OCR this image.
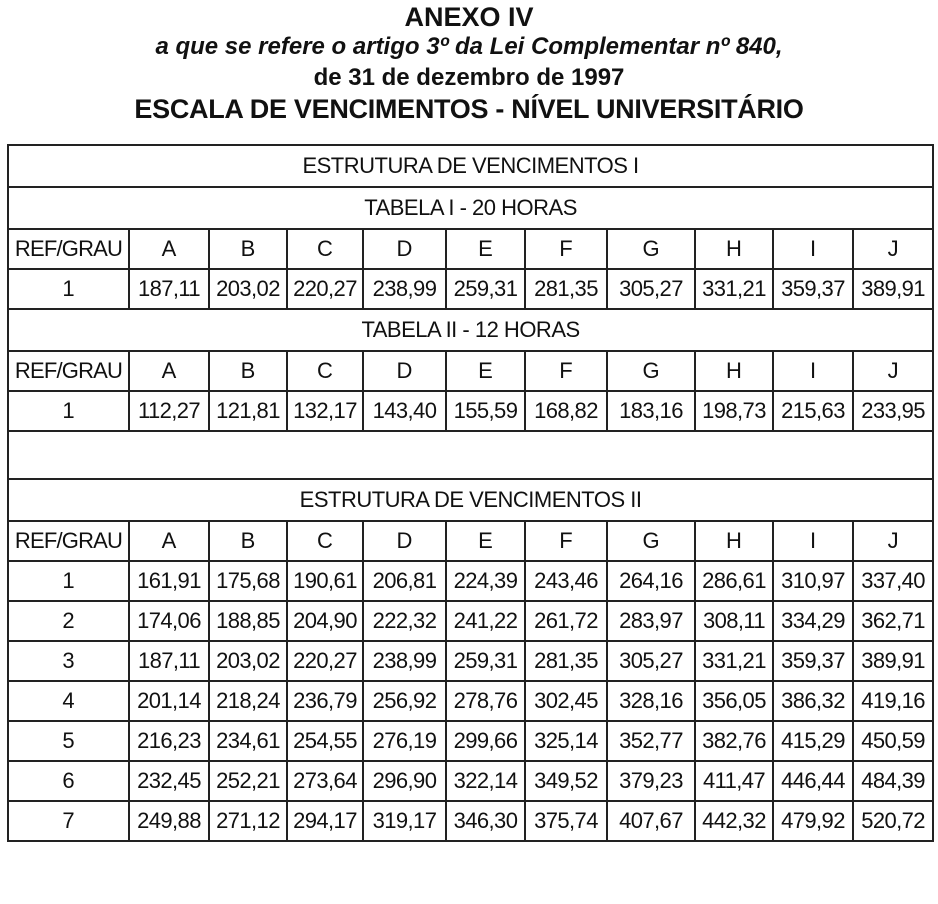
ANEXO IV
a que se refere o artigo 3º da Lei Complementar nº 840,
de 31 de dezembro de 1997
ESCALA DE VENCIMENTOS - NÍVEL UNIVERSITÁRIO
ESTRUTURA DE VENCIMENTOS I										
TABELA I - 20 HORAS										
REF/GRAU	A	B	C	D	E	F	G	H	I	J
1	187,11	203,02	220,27	238,99	259,31	281,35	305,27	331,21	359,37	389,91
TABELA II - 12 HORAS										
REF/GRAU	A	B	C	D	E	F	G	H	I	J
1	112,27	121,81	132,17	143,40	155,59	168,82	183,16	198,73	215,63	233,95

ESTRUTURA DE VENCIMENTOS II										
REF/GRAU	A	B	C	D	E	F	G	H	I	J
1	161,91	175,68	190,61	206,81	224,39	243,46	264,16	286,61	310,97	337,40
2	174,06	188,85	204,90	222,32	241,22	261,72	283,97	308,11	334,29	362,71
3	187,11	203,02	220,27	238,99	259,31	281,35	305,27	331,21	359,37	389,91
4	201,14	218,24	236,79	256,92	278,76	302,45	328,16	356,05	386,32	419,16
5	216,23	234,61	254,55	276,19	299,66	325,14	352,77	382,76	415,29	450,59
6	232,45	252,21	273,64	296,90	322,14	349,52	379,23	411,47	446,44	484,39
7	249,88	271,12	294,17	319,17	346,30	375,74	407,67	442,32	479,92	520,72
